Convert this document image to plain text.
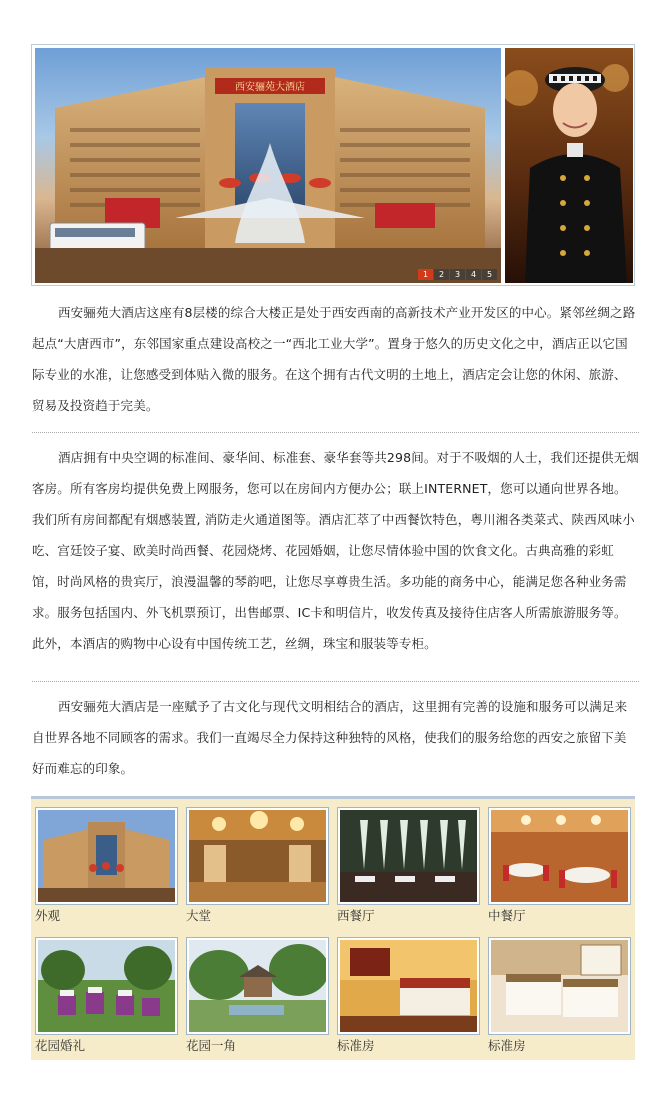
西安骊苑大酒店
1	2	3	4	5

西安骊苑大酒店这座有8层楼的综合大楼正是处于西安西南的高新技术产业开发区的中心。紧邻丝绸之路起点“大唐西市”，东邻国家重点建设高校之一“西北工业大学”。置身于悠久的历史文化之中，酒店正以它国际专业的水准，让您感受到体贴入微的服务。在这个拥有古代文明的土地上，酒店定会让您的休闲、旅游、贸易及投资趋于完美。

酒店拥有中央空调的标准间、豪华间、标准套、豪华套等共298间。对于不吸烟的人士，我们还提供无烟客房。所有客房均提供免费上网服务，您可以在房间内方便办公；联上INTERNET，您可以通向世界各地。我们所有房间都配有烟感装置, 消防走火通道图等。酒店汇萃了中西餐饮特色，粤川湘各类菜式、陕西风味小吃、宫廷饺子宴、欧美时尚西餐、花园烧烤、花园婚姻，让您尽情体验中国的饮食文化。古典高雅的彩虹馆，时尚风格的贵宾厅，浪漫温馨的琴韵吧，让您尽享尊贵生活。多功能的商务中心，能满足您各种业务需求。服务包括国内、外飞机票预订，出售邮票、IC卡和明信片，收发传真及接待住店客人所需旅游服务等。此外，本酒店的购物中心设有中国传统工艺，丝绸，珠宝和服装等专柜。

西安骊苑大酒店是一座赋予了古文化与现代文明相结合的酒店，这里拥有完善的设施和服务可以满足来自世界各地不同顾客的需求。我们一直竭尽全力保持这种独特的风格，使我们的服务给您的西安之旅留下美好而难忘的印象。

外观	大堂	西餐厅	中餐厅
花园婚礼	花园一角	标准房	标准房
